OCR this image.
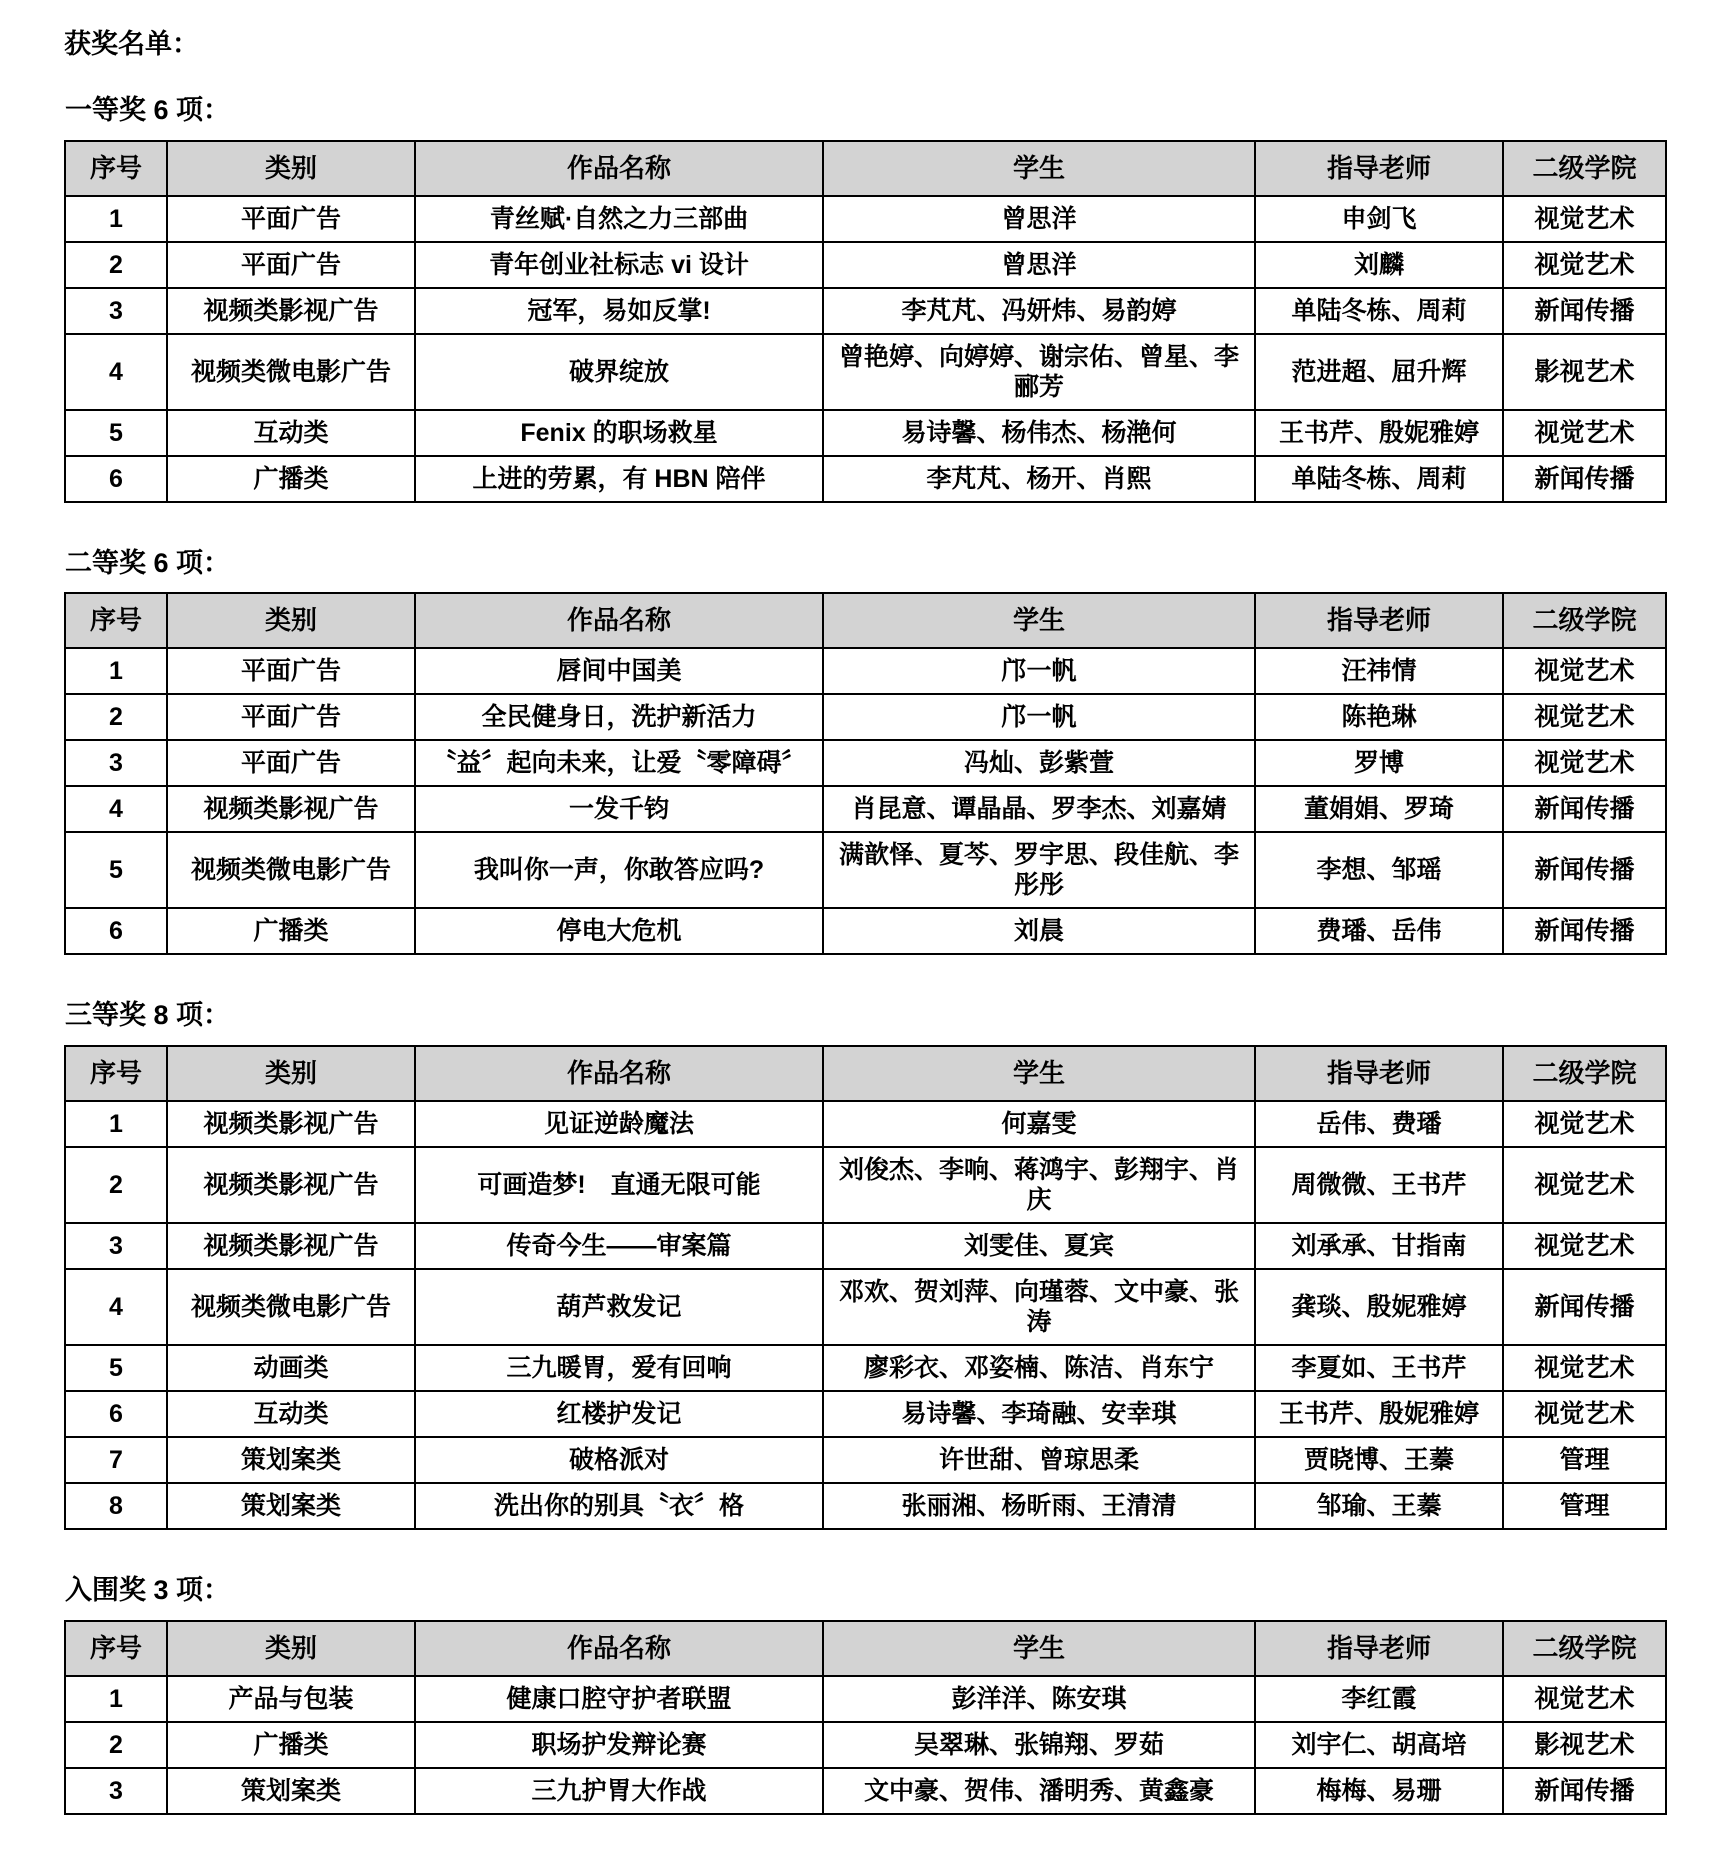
获奖名单：

一等奖 6 项：

序号	类别	作品名称	学生	指导老师	二级学院
1	平面广告	青丝赋·自然之力三部曲	曾思洋	申剑飞	视觉艺术
2	平面广告	青年创业社标志 vi 设计	曾思洋	刘麟	视觉艺术
3	视频类影视广告	冠军，易如反掌!	李芃芃、冯妍炜、易韵婷	单陆冬栋、周莉	新闻传播
4	视频类微电影广告	破界绽放	曾艳婷、向婷婷、谢宗佑、曾星、李郦芳	范进超、屈升辉	影视艺术
5	互动类	Fenix 的职场救星	易诗馨、杨伟杰、杨滟何	王书芹、殷妮雅婷	视觉艺术
6	广播类	上进的劳累，有 HBN 陪伴	李芃芃、杨开、肖熙	单陆冬栋、周莉	新闻传播

二等奖 6 项：

序号	类别	作品名称	学生	指导老师	二级学院
1	平面广告	唇间中国美	邝一帆	汪祎情	视觉艺术
2	平面广告	全民健身日，洗护新活力	邝一帆	陈艳琳	视觉艺术
3	平面广告	〝益〞起向未来，让爱〝零障碍〞	冯灿、彭紫萱	罗博	视觉艺术
4	视频类影视广告	一发千钧	肖昆意、谭晶晶、罗李杰、刘嘉婧	董娟娟、罗琦	新闻传播
5	视频类微电影广告	我叫你一声，你敢答应吗?	满歆怿、夏芩、罗宇思、段佳航、李彤彤	李想、邹瑶	新闻传播
6	广播类	停电大危机	刘晨	费璠、岳伟	新闻传播

三等奖 8 项：

序号	类别	作品名称	学生	指导老师	二级学院
1	视频类影视广告	见证逆龄魔法	何嘉雯	岳伟、费璠	视觉艺术
2	视频类影视广告	可画造梦!　直通无限可能	刘俊杰、李响、蒋鸿宇、彭翔宇、肖庆	周微微、王书芹	视觉艺术
3	视频类影视广告	传奇今生——审案篇	刘雯佳、夏宾	刘承承、甘指南	视觉艺术
4	视频类微电影广告	葫芦救发记	邓欢、贺刘萍、向瑾蓉、文中豪、张涛	龚琰、殷妮雅婷	新闻传播
5	动画类	三九暖胃，爱有回响	廖彩衣、邓姿楠、陈洁、肖东宁	李夏如、王书芹	视觉艺术
6	互动类	红楼护发记	易诗馨、李琦融、安幸琪	王书芹、殷妮雅婷	视觉艺术
7	策划案类	破格派对	许世甜、曾琼思柔	贾晓博、王蓁	管理
8	策划案类	洗出你的别具〝衣〞格	张丽湘、杨昕雨、王清清	邹瑜、王蓁	管理

入围奖 3 项：

序号	类别	作品名称	学生	指导老师	二级学院
1	产品与包装	健康口腔守护者联盟	彭洋洋、陈安琪	李红霞	视觉艺术
2	广播类	职场护发辩论赛	吴翠琳、张锦翔、罗茹	刘宇仁、胡高培	影视艺术
3	策划案类	三九护胃大作战	文中豪、贺伟、潘明秀、黄鑫豪	梅梅、易珊	新闻传播
